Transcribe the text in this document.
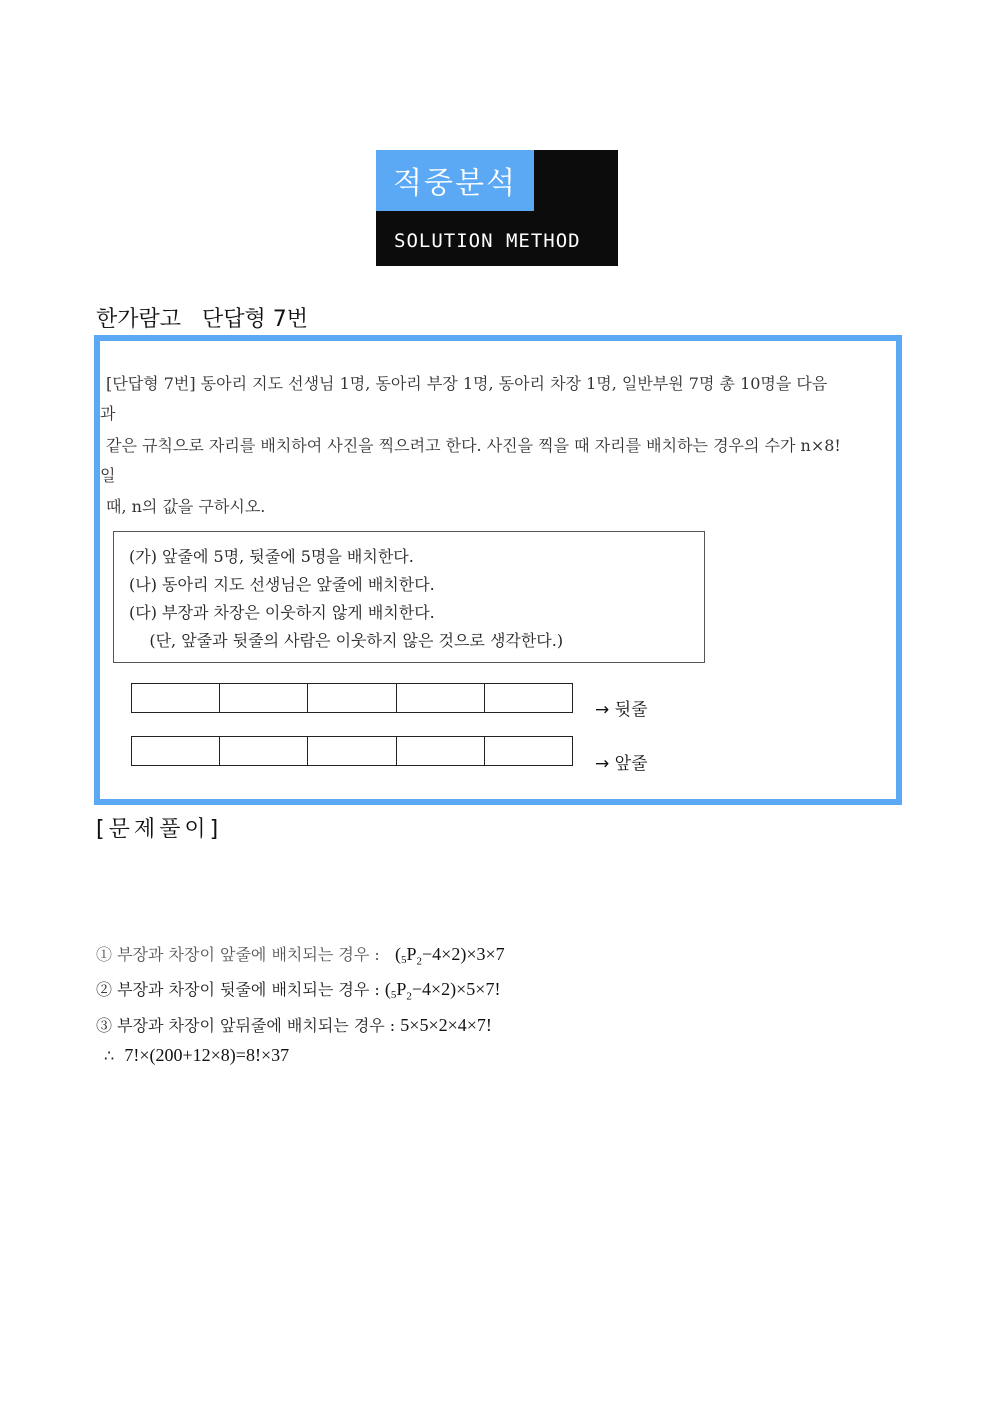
적중분석
SOLUTION METHOD
한가람고   단답형 7번
[단답형 7번] 동아리 지도 선생님 1명, 동아리 부장 1명, 동아리 차장 1명, 일반부원 7명 총 10명을 다음
과
같은 규칙으로 자리를 배치하여 사진을 찍으려고 한다. 사진을 찍을 때 자리를 배치하는 경우의 수가 n×8!
일
때, n의 값을 구하시오.
(가) 앞줄에 5명, 뒷줄에 5명을 배치한다.
(나) 동아리 지도 선생님은 앞줄에 배치한다.
(다) 부장과 차장은 이웃하지 않게 배치한다.
(단, 앞줄과 뒷줄의 사람은 이웃하지 않은 것으로 생각한다.)
→ 뒷줄
→ 앞줄
[문제풀이]
① 부장과 차장이 앞줄에 배치되는 경우 : $(_5P_2-4\times 2)\times 3\times 7$
② 부장과 차장이 뒷줄에 배치되는 경우 : $(_5P_2-4\times 2)\times 5\times 7$!
③ 부장과 차장이 앞뒤줄에 배치되는 경우 : 5×5×2×4×7!
∴ 7!×(200+12×8)=8!×37
